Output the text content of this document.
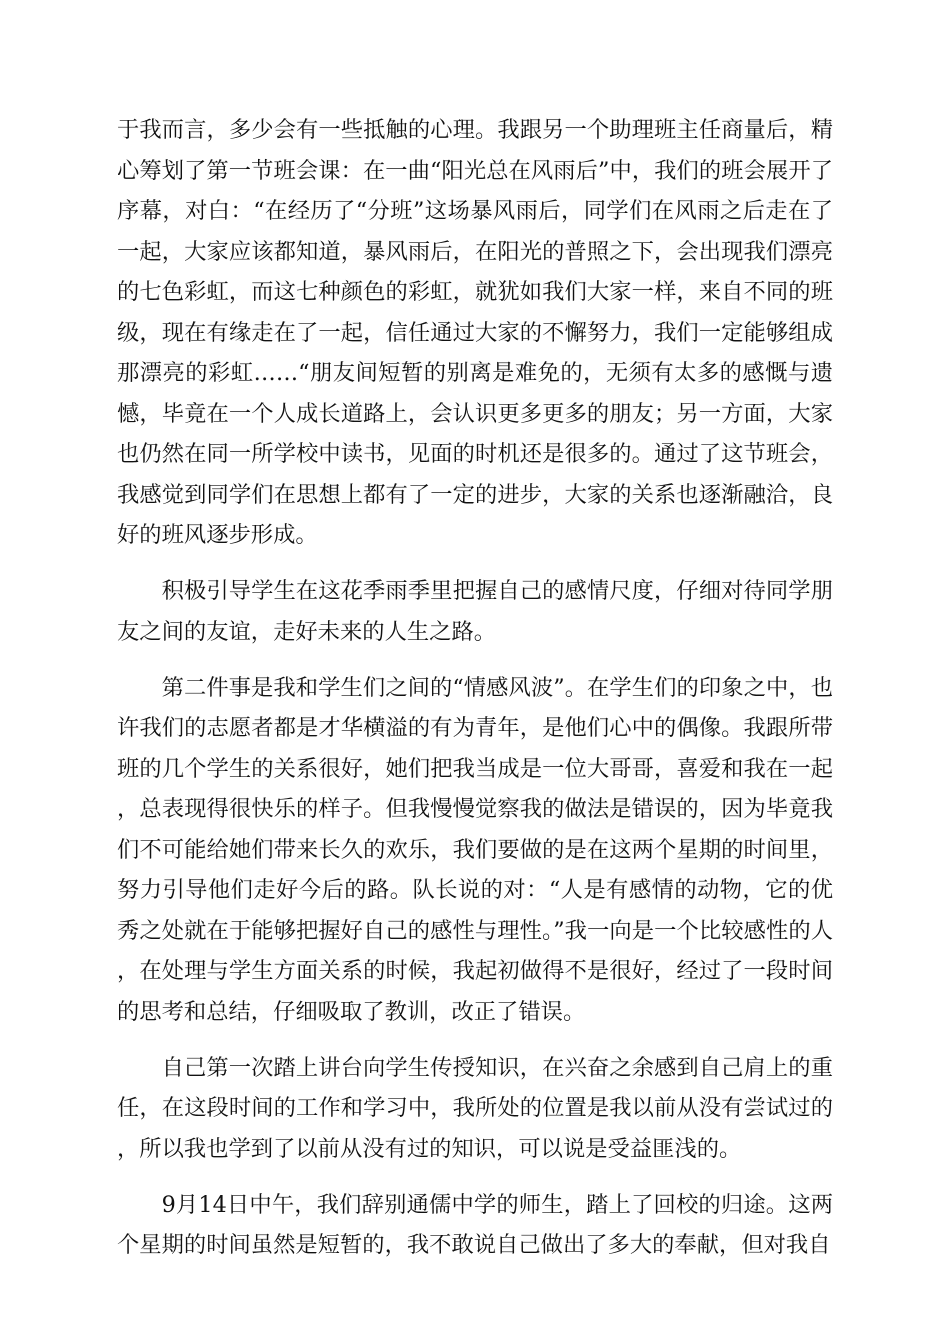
于我而言，多少会有一些抵触的心理。我跟另一个助理班主任商量后，精心筹划了第一节班会课：在一曲“阳光总在风雨后”中，我们的班会展开了序幕，对白：“在经历了“分班”这场暴风雨后，同学们在风雨之后走在了一起，大家应该都知道，暴风雨后，在阳光的普照之下，会出现我们漂亮的七色彩虹，而这七种颜色的彩虹，就犹如我们大家一样，来自不同的班级，现在有缘走在了一起，信任通过大家的不懈努力，我们一定能够组成那漂亮的彩虹……“朋友间短暂的别离是难免的，无须有太多的感慨与遗憾，毕竟在一个人成长道路上，会认识更多更多的朋友；另一方面，大家也仍然在同一所学校中读书，见面的时机还是很多的。通过了这节班会，我感觉到同学们在思想上都有了一定的进步，大家的关系也逐渐融洽，良好的班风逐步形成。

积极引导学生在这花季雨季里把握自己的感情尺度，仔细对待同学朋友之间的友谊，走好未来的人生之路。

第二件事是我和学生们之间的“情感风波”。在学生们的印象之中，也许我们的志愿者都是才华横溢的有为青年，是他们心中的偶像。我跟所带班的几个学生的关系很好，她们把我当成是一位大哥哥，喜爱和我在一起，总表现得很快乐的样子。但我慢慢觉察我的做法是错误的，因为毕竟我们不可能给她们带来长久的欢乐，我们要做的是在这两个星期的时间里，努力引导他们走好今后的路。队长说的对：“人是有感情的动物，它的优秀之处就在于能够把握好自己的感性与理性。”我一向是一个比较感性的人，在处理与学生方面关系的时候，我起初做得不是很好，经过了一段时间的思考和总结，仔细吸取了教训，改正了错误。

自己第一次踏上讲台向学生传授知识，在兴奋之余感到自己肩上的重任，在这段时间的工作和学习中，我所处的位置是我以前从没有尝试过的，所以我也学到了以前从没有过的知识，可以说是受益匪浅的。

9月14日中午，我们辞别通儒中学的师生，踏上了回校的归途。这两个星期的时间虽然是短暂的，我不敢说自己做出了多大的奉献，但对我自
